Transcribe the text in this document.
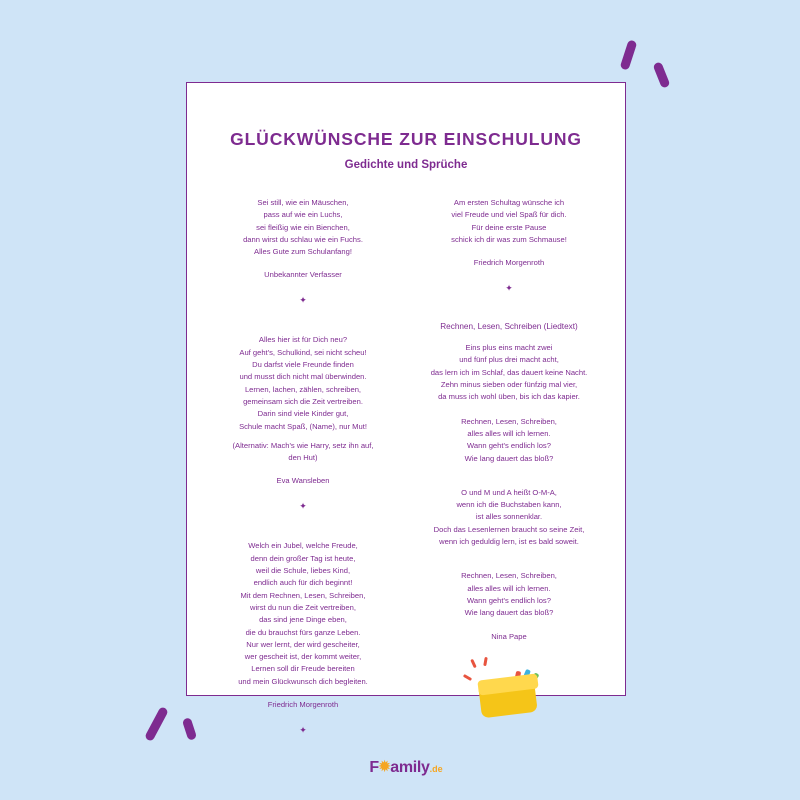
GLÜCKWÜNSCHE ZUR EINSCHULUNG
Gedichte und Sprüche

Sei still, wie ein Mäuschen,
pass auf wie ein Luchs,
sei fleißig wie ein Bienchen,
dann wirst du schlau wie ein Fuchs.
Alles Gute zum Schulanfang!

Unbekannter Verfasser
✦

Alles hier ist für Dich neu?
Auf geht's, Schulkind, sei nicht scheu!
Du darfst viele Freunde finden
und musst dich nicht mal überwinden.
Lernen, lachen, zählen, schreiben,
gemeinsam sich die Zeit vertreiben.
Darin sind viele Kinder gut,
Schule macht Spaß, (Name), nur Mut!
(Alternativ: Mach's wie Harry, setz ihn auf,
den Hut)

Eva Wansleben
✦

Welch ein Jubel, welche Freude,
denn dein großer Tag ist heute,
weil die Schule, liebes Kind,
endlich auch für dich beginnt!
Mit dem Rechnen, Lesen, Schreiben,
wirst du nun die Zeit vertreiben,
das sind jene Dinge eben,
die du brauchst fürs ganze Leben.
Nur wer lernt, der wird gescheiter,
wer gescheit ist, der kommt weiter,
Lernen soll dir Freude bereiten
und mein Glückwunsch dich begleiten.

Friedrich Morgenroth
✦

Am ersten Schultag wünsche ich
viel Freude und viel Spaß für dich.
Für deine erste Pause
schick ich dir was zum Schmause!

Friedrich Morgenroth
✦
Rechnen, Lesen, Schreiben (Liedtext)

Eins plus eins macht zwei
und fünf plus drei macht acht,
das lern ich im Schlaf, das dauert keine Nacht.
Zehn minus sieben oder fünfzig mal vier,
da muss ich wohl üben, bis ich das kapier.

Rechnen, Lesen, Schreiben,
alles alles will ich lernen.
Wann geht's endlich los?
Wie lang dauert das bloß?

O und M und A heißt O-M-A,
wenn ich die Buchstaben kann,
ist alles sonnenklar.
Doch das Lesenlernen braucht so seine Zeit,
wenn ich geduldig lern, ist es bald soweit.

Rechnen, Lesen, Schreiben,
alles alles will ich lernen.
Wann geht's endlich los?
Wie lang dauert das bloß?

Nina Pape
F✹amily.de
